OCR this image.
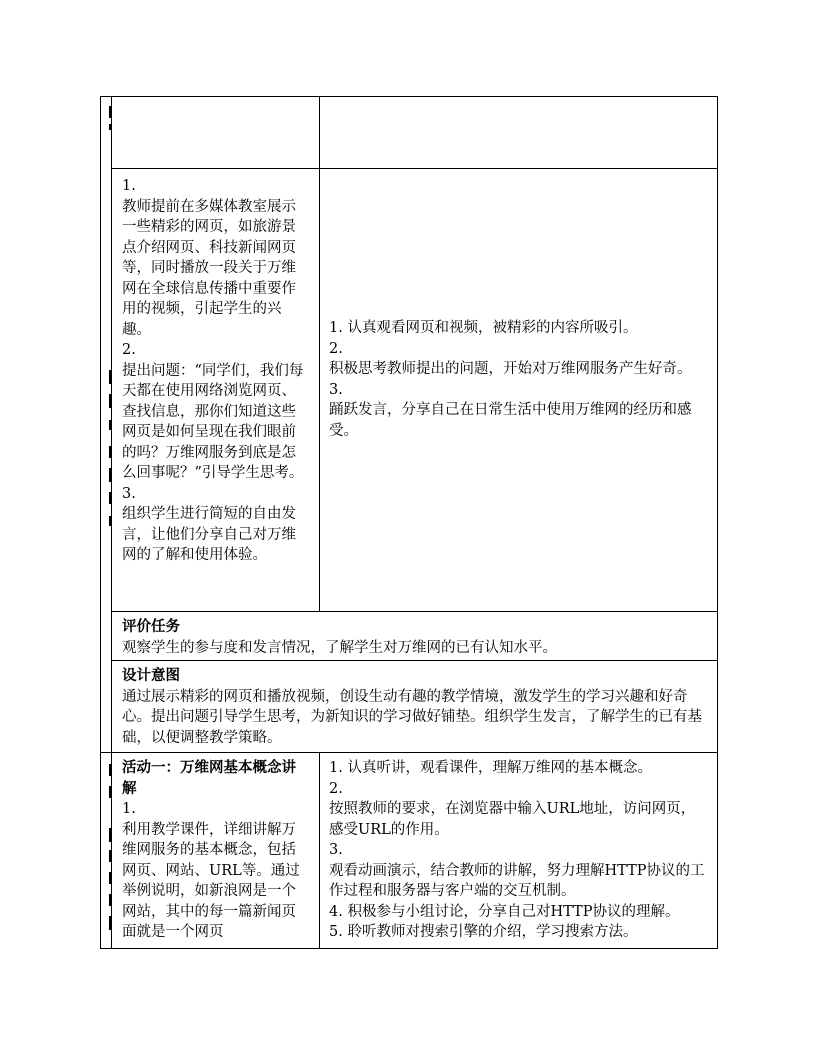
1.

教师提前在多媒体教室展示一些精彩的网页，如旅游景点介绍网页、科技新闻网页等，同时播放一段关于万维网在全球信息传播中重要作用的视频，引起学生的兴趣。

2.

提出问题：“同学们，我们每天都在使用网络浏览网页、查找信息，那你们知道这些网页是如何呈现在我们眼前的吗？万维网服务到底是怎么回事呢？”引导学生思考。

3.

组织学生进行简短的自由发言，让他们分享自己对万维网的了解和使用体验。

1. 认真观看网页和视频，被精彩的内容所吸引。

2.

积极思考教师提出的问题，开始对万维网服务产生好奇。

3.

踊跃发言，分享自己在日常生活中使用万维网的经历和感受。

评价任务

观察学生的参与度和发言情况，了解学生对万维网的已有认知水平。

设计意图

通过展示精彩的网页和播放视频，创设生动有趣的教学情境，激发学生的学习兴趣和好奇心。提出问题引导学生思考，为新知识的学习做好铺垫。组织学生发言，了解学生的已有基础，以便调整教学策略。

活动一：万维网基本概念讲解

1.

利用教学课件，详细讲解万维网服务的基本概念，包括网页、网站、URL等。通过举例说明，如新浪网是一个网站，其中的每一篇新闻页面就是一个网页

1. 认真听讲，观看课件，理解万维网的基本概念。

2.

按照教师的要求，在浏览器中输入URL地址，访问网页，感受URL的作用。

3.

观看动画演示，结合教师的讲解，努力理解HTTP协议的工作过程和服务器与客户端的交互机制。

4. 积极参与小组讨论，分享自己对HTTP协议的理解。

5. 聆听教师对搜索引擎的介绍，学习搜索方法。
